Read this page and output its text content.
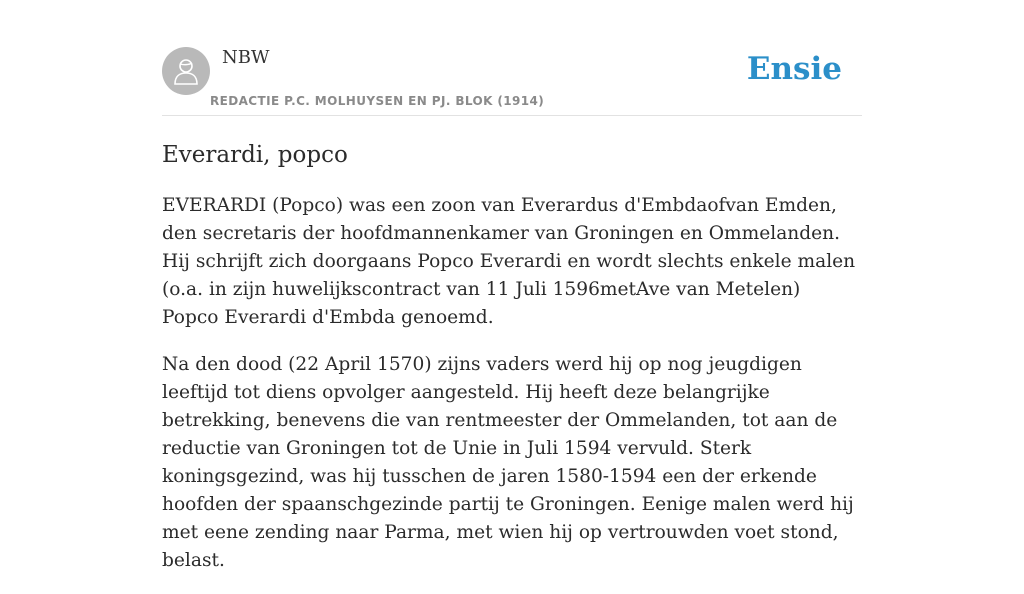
NBW
REDACTIE P.C. MOLHUYSEN EN PJ. BLOK (1914)
Ensie
Everardi, popco

EVERARDI (Popco) was een zoon van Everardus d'Embdaofvan Emden, den secretaris der hoofdmannenkamer van Groningen en Ommelanden. Hij schrijft zich doorgaans Popco Everardi en wordt slechts enkele malen (o.a. in zijn huwelijkscontract van 11 Juli 1596metAve van Metelen) Popco Everardi d'Embda genoemd.

Na den dood (22 April 1570) zijns vaders werd hij op nog jeugdigen leeftijd tot diens opvolger aangesteld. Hij heeft deze belangrijke betrekking, benevens die van rentmeester der Ommelanden, tot aan de reductie van Groningen tot de Unie in Juli 1594 vervuld. Sterk koningsgezind, was hij tusschen de jaren 1580-1594 een der erkende hoofden der spaanschgezinde partij te Groningen. Eenige malen werd hij met eene zending naar Parma, met wien hij op vertrouwden voet stond, belast.
